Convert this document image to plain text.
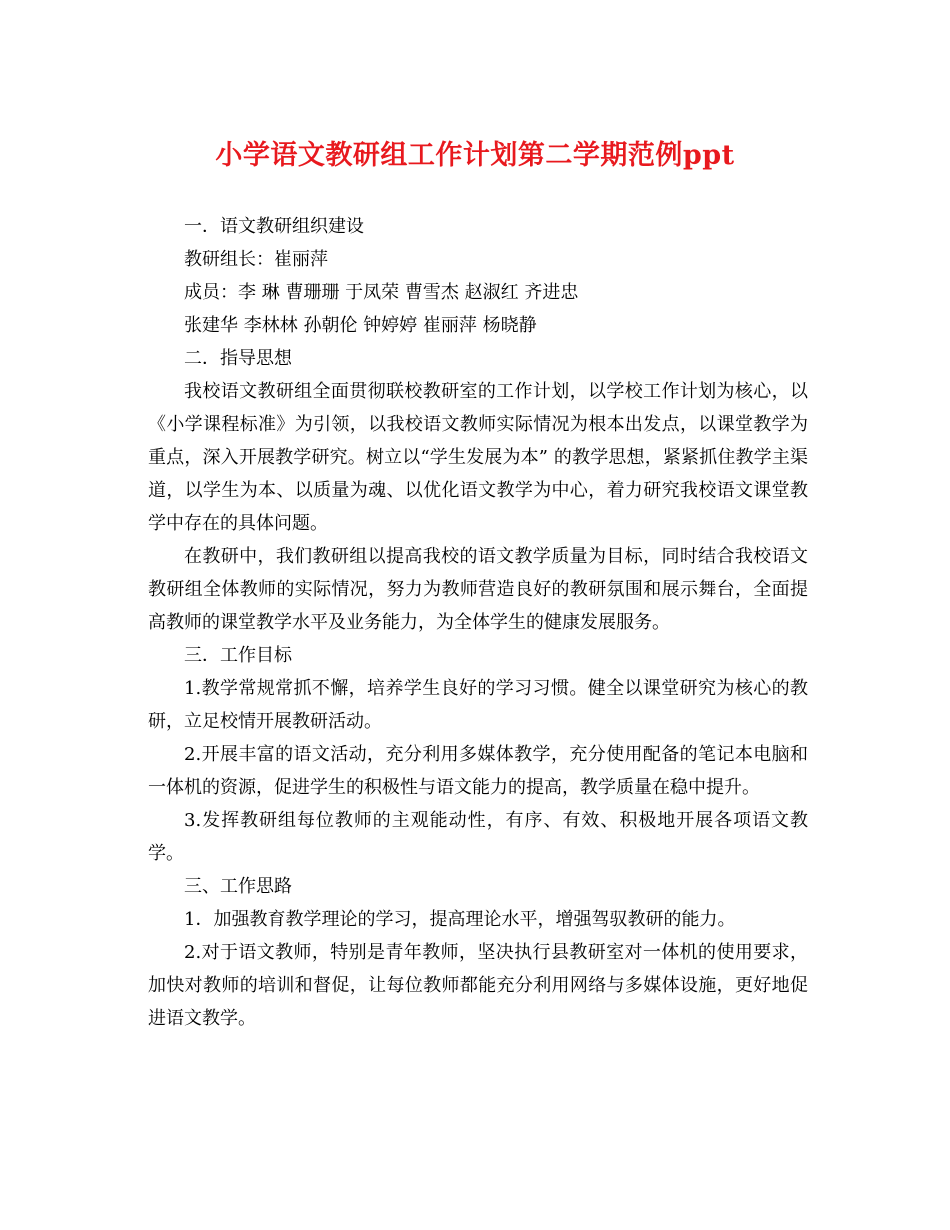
小学语文教研组工作计划第二学期范例ppt

一．语文教研组织建设

教研组长：崔丽萍

成员：李 琳 曹珊珊 于凤荣 曹雪杰 赵淑红 齐进忠

张建华 李林林 孙朝伦 钟婷婷 崔丽萍 杨晓静

二．指导思想

我校语文教研组全面贯彻联校教研室的工作计划，以学校工作计划为核心，以《小学课程标准》为引领，以我校语文教师实际情况为根本出发点，以课堂教学为重点，深入开展教学研究。树立以“学生发展为本” 的教学思想，紧紧抓住教学主渠道，以学生为本、以质量为魂、以优化语文教学为中心，着力研究我校语文课堂教学中存在的具体问题。

在教研中，我们教研组以提高我校的语文教学质量为目标，同时结合我校语文教研组全体教师的实际情况，努力为教师营造良好的教研氛围和展示舞台，全面提高教师的课堂教学水平及业务能力，为全体学生的健康发展服务。

三．工作目标

1.教学常规常抓不懈，培养学生良好的学习习惯。健全以课堂研究为核心的教研，立足校情开展教研活动。

2.开展丰富的语文活动，充分利用多媒体教学，充分使用配备的笔记本电脑和一体机的资源，促进学生的积极性与语文能力的提高，教学质量在稳中提升。

3.发挥教研组每位教师的主观能动性，有序、有效、积极地开展各项语文教学。

三、工作思路

1．加强教育教学理论的学习，提高理论水平，增强驾驭教研的能力。

2.对于语文教师，特别是青年教师，坚决执行县教研室对一体机的使用要求，加快对教师的培训和督促，让每位教师都能充分利用网络与多媒体设施，更好地促进语文教学。
